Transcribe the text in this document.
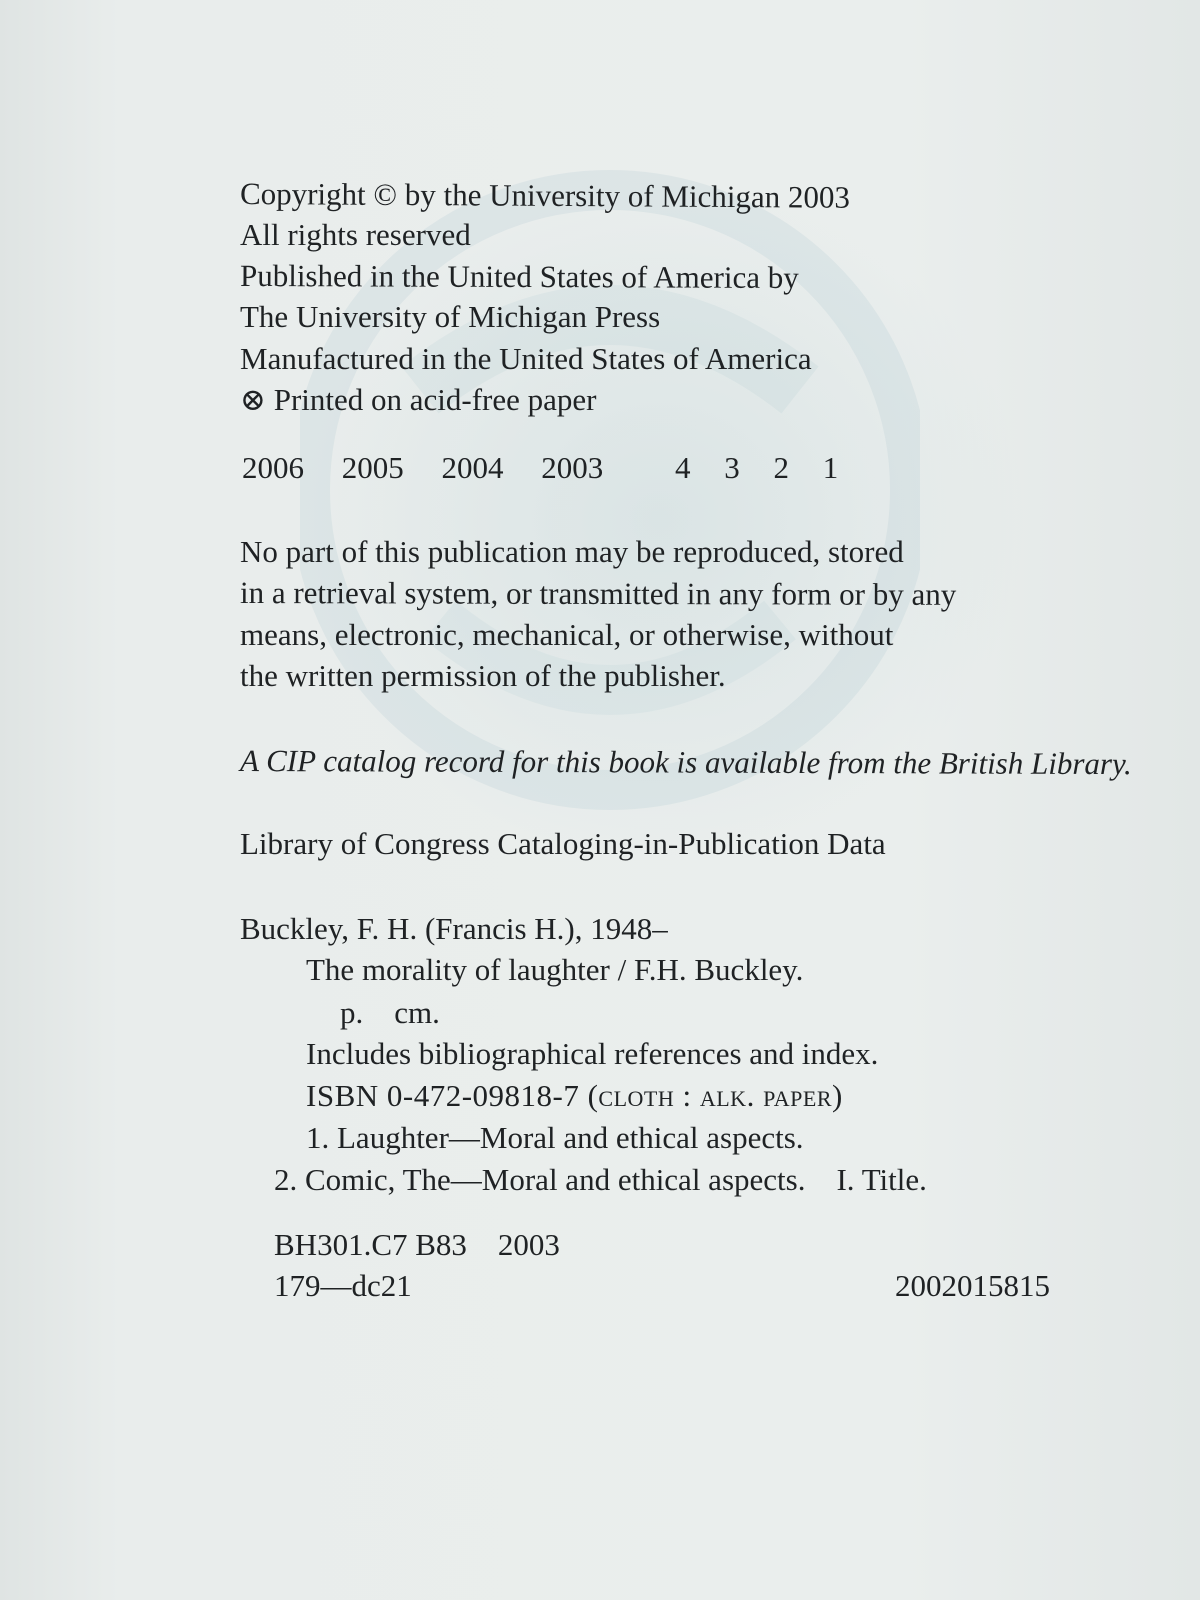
Copyright © by the University of Michigan 2003
All rights reserved
Published in the United States of America by
The University of Michigan Press
Manufactured in the United States of America
⊗ Printed on acid-free paper
2006 2005 2004 2003 4 3 2 1
No part of this publication may be reproduced, stored
in a retrieval system, or transmitted in any form or by any
means, electronic, mechanical, or otherwise, without
the written permission of the publisher.
A CIP catalog record for this book is available from the British Library.
Library of Congress Cataloging-in-Publication Data
Buckley, F. H. (Francis H.), 1948–
The morality of laughter / F.H. Buckley.
p.    cm.
Includes bibliographical references and index.
ISBN 0-472-09818-7 (cloth : alk. paper)
1. Laughter—Moral and ethical aspects.
2. Comic, The—Moral and ethical aspects.    I. Title.
BH301.C7 B83    2003
179—dc21	2002015815
